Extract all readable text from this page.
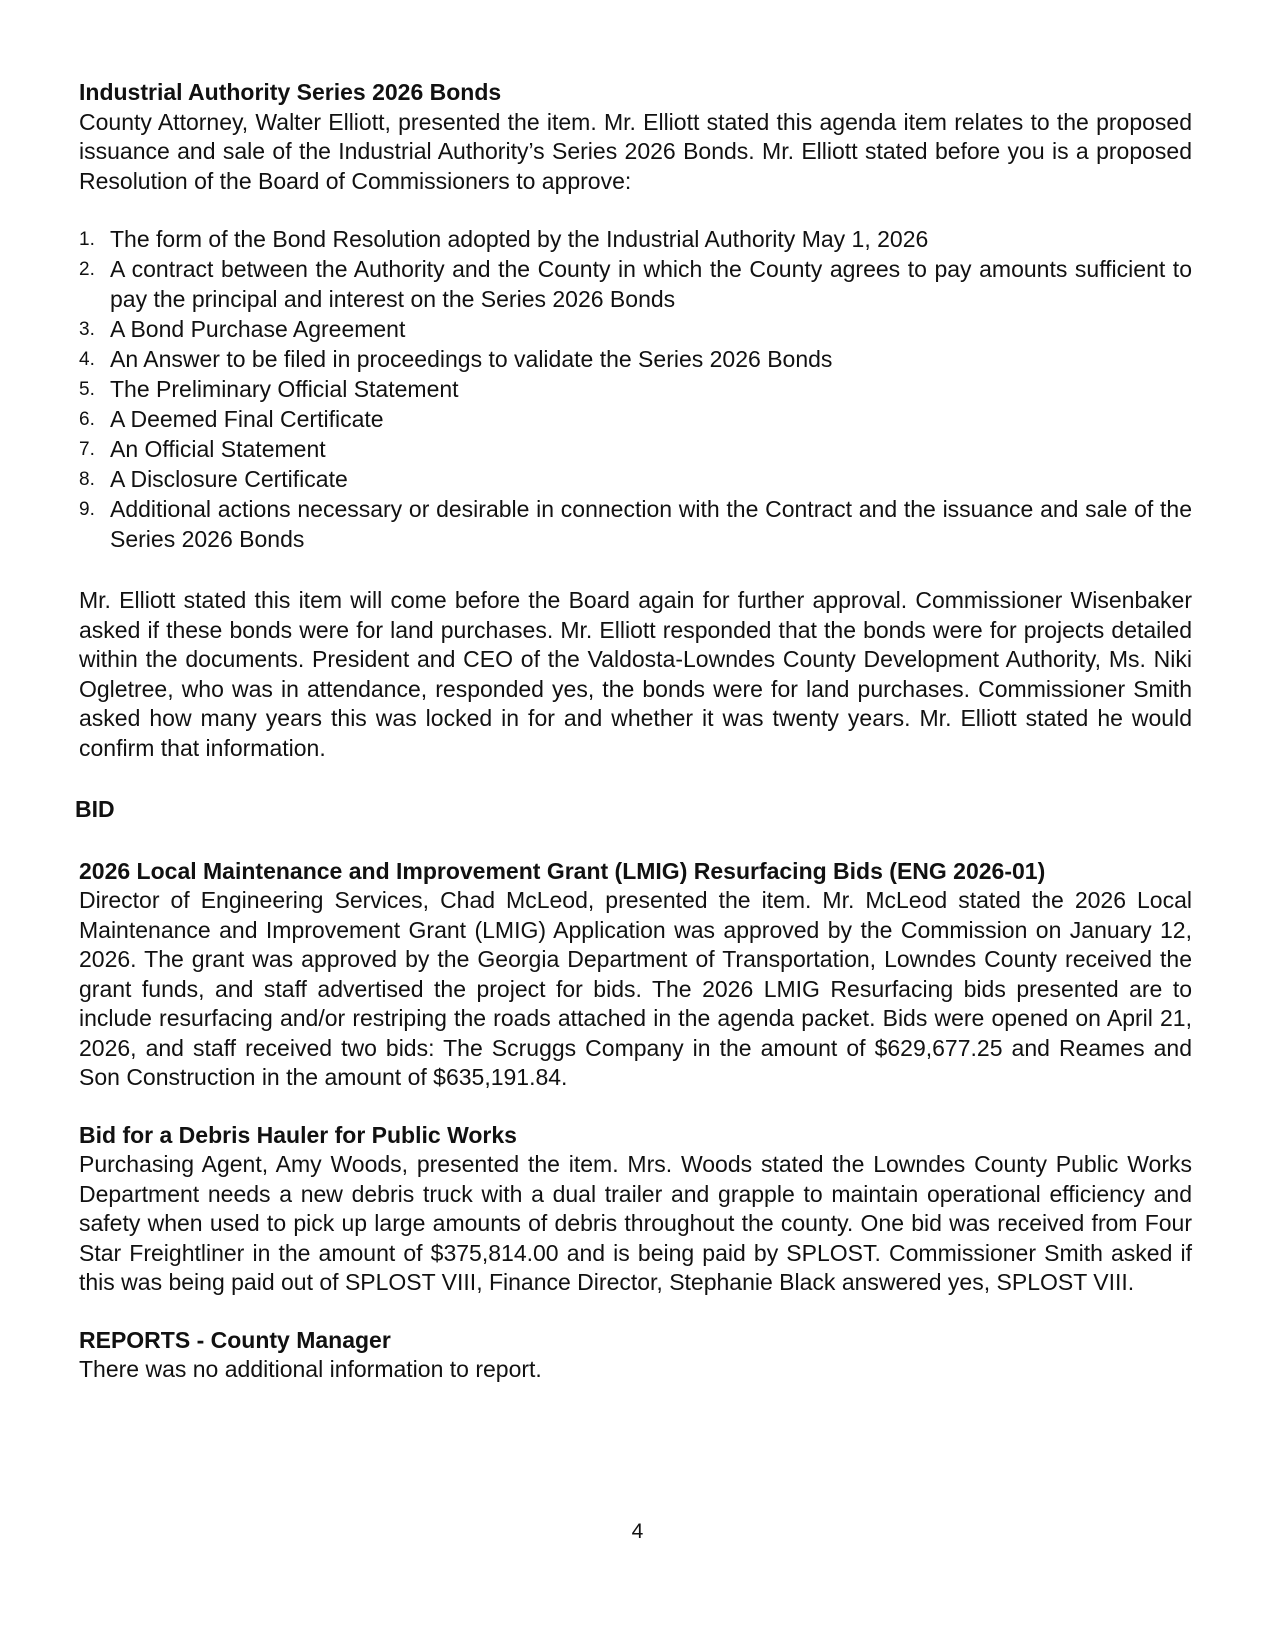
Industrial Authority Series 2026 Bonds

County Attorney, Walter Elliott, presented the item. Mr. Elliott stated this agenda item relates to the proposed issuance and sale of the Industrial Authority’s Series 2026 Bonds. Mr. Elliott stated before you is a proposed Resolution of the Board of Commissioners to approve:

1. The form of the Bond Resolution adopted by the Industrial Authority May 1, 2026
2. A contract between the Authority and the County in which the County agrees to pay amounts sufficient to pay the principal and interest on the Series 2026 Bonds
3. A Bond Purchase Agreement
4. An Answer to be filed in proceedings to validate the Series 2026 Bonds
5. The Preliminary Official Statement
6. A Deemed Final Certificate
7. An Official Statement
8. A Disclosure Certificate
9. Additional actions necessary or desirable in connection with the Contract and the issuance and sale of the Series 2026 Bonds

Mr. Elliott stated this item will come before the Board again for further approval. Commissioner Wisenbaker asked if these bonds were for land purchases. Mr. Elliott responded that the bonds were for projects detailed within the documents. President and CEO of the Valdosta-Lowndes County Development Authority, Ms. Niki Ogletree, who was in attendance, responded yes, the bonds were for land purchases. Commissioner Smith asked how many years this was locked in for and whether it was twenty years. Mr. Elliott stated he would confirm that information.

BID
2026 Local Maintenance and Improvement Grant (LMIG) Resurfacing Bids (ENG 2026-01)

Director of Engineering Services, Chad McLeod, presented the item. Mr. McLeod stated the 2026 Local Maintenance and Improvement Grant (LMIG) Application was approved by the Commission on January 12, 2026. The grant was approved by the Georgia Department of Transportation, Lowndes County received the grant funds, and staff advertised the project for bids. The 2026 LMIG Resurfacing bids presented are to include resurfacing and/or restriping the roads attached in the agenda packet. Bids were opened on April 21, 2026, and staff received two bids: The Scruggs Company in the amount of $629,677.25 and Reames and Son Construction in the amount of $635,191.84.

Bid for a Debris Hauler for Public Works

Purchasing Agent, Amy Woods, presented the item. Mrs. Woods stated the Lowndes County Public Works Department needs a new debris truck with a dual trailer and grapple to maintain operational efficiency and safety when used to pick up large amounts of debris throughout the county. One bid was received from Four Star Freightliner in the amount of $375,814.00 and is being paid by SPLOST. Commissioner Smith asked if this was being paid out of SPLOST VIII, Finance Director, Stephanie Black answered yes, SPLOST VIII.

REPORTS - County Manager

There was no additional information to report.

4
